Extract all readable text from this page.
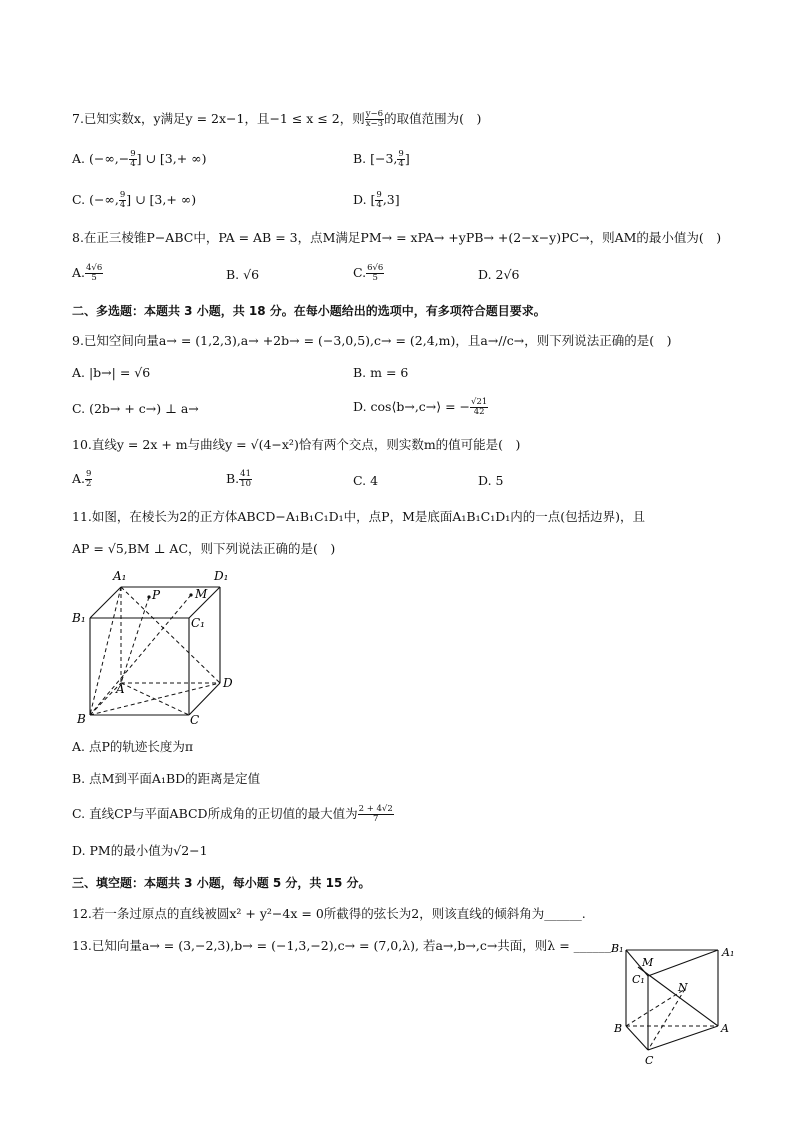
7.已知实数x，y满足y = 2x−1，且−1 ≤ x ≤ 2，则 $\frac{y-6}{x-3}$ 的取值范围为(　)
A. (−∞,− $\frac{9}{4}$ ] ∪ [3,+ ∞)	B. [−3, $\frac{9}{4}$ ]
C. (−∞, $\frac{9}{4}$ ] ∪ [3,+ ∞)	D. [ $\frac{9}{4} ,3$]
8.在正三棱锥P−ABC中，PA = AB = 3，点M满足PM→ = xPA→ +yPB→ +(2−x−y)PC→，则AM的最小值为(　)
A. $\frac{4√6}{5}$	B. √6	C. $\frac{6√6}{5}$	D. 2√6
二、多选题：本题共 3 小题，共 18 分。在每小题给出的选项中，有多项符合题目要求。
9.已知空间向量a→ = (1,2,3),a→ +2b→ = (−3,0,5),c→ = (2,4,m)，且a→//c→，则下列说法正确的是(　)
A. |b→| = √6	B. m = 6
C. (2b→ + c→) ⊥ a→	D. cos⟨b→,c→⟩ = − $\frac{√21}{42}$
10.直线y = 2x + m与曲线y = √(4−x²)恰有两个交点，则实数m的值可能是(　)
A. $\frac{9}{2}$	B. $\frac{41}{10}$	C. 4	D. 5
11.如图，在棱长为2的正方体ABCD−A₁B₁C₁D₁中，点P，M是底面A₁B₁C₁D₁内的一点(包括边界)，且
AP = √5,BM ⊥ AC，则下列说法正确的是(　)
A₁	D₁
B₁	C₁
P	M
A
B	C
D
A. 点P的轨迹长度为π
B. 点M到平面A₁BD的距离是定值
C. 直线CP与平面ABCD所成角的正切值的最大值为 $\frac{2 + 4√2}{7}$
D. PM的最小值为√2−1
三、填空题：本题共 3 小题，每小题 5 分，共 15 分。
12.若一条过原点的直线被圆x² + y²−4x = 0所截得的弦长为2，则该直线的倾斜角为______.
13.已知向量a→ = (3,−2,3),b→ = (−1,3,−2),c→ = (7,0,λ), 若a→,b→,c→共面，则λ = ______.
B₁	A₁
M
C₁
N
B	A
C
